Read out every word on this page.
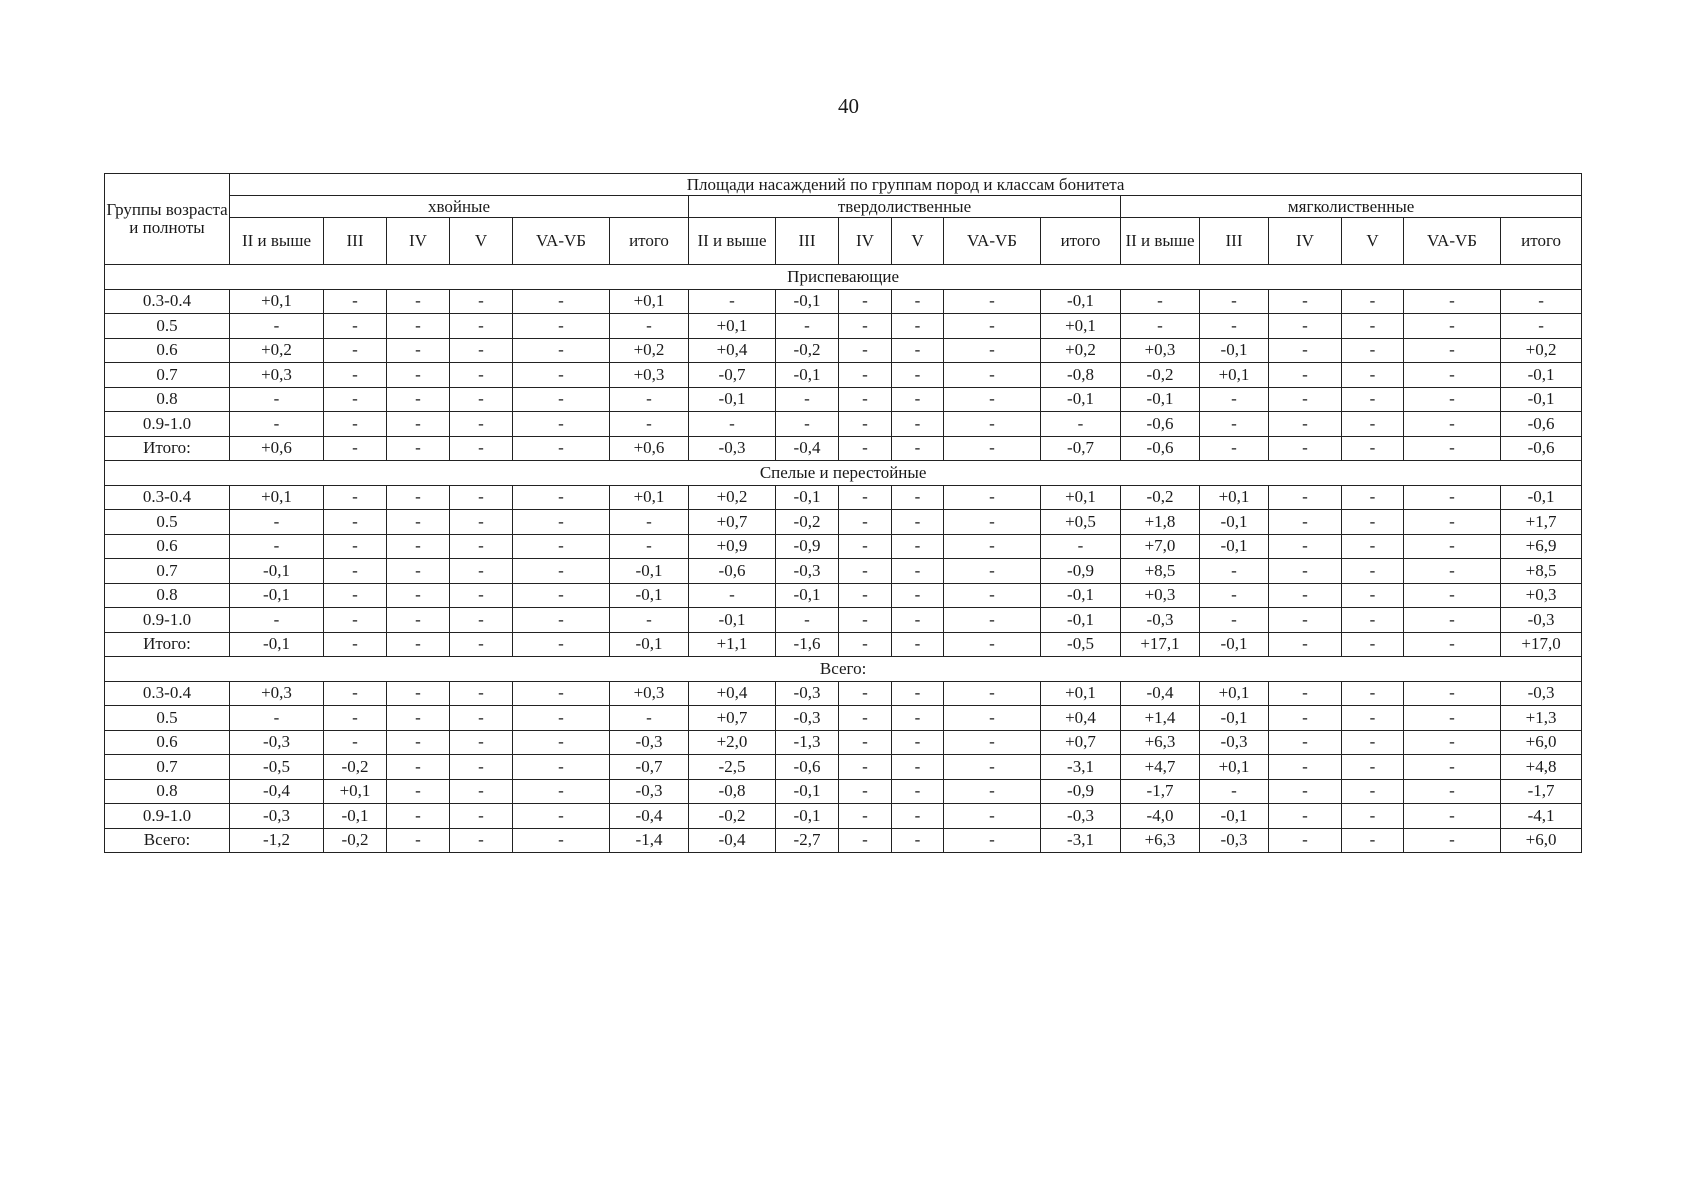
40
Группы возраста и полноты	Площади насаждений по группам пород и классам бонитета																	
	хвойные						твердолиственные						мягколиственные					
	II и выше	III	IV	V	VA-VБ	итого	II и выше	III	IV	V	VA-VБ	итого	II и выше	III	IV	V	VA-VБ	итого
Приспевающие																		
0.3-0.4	+0,1	-	-	-	-	+0,1	-	-0,1	-	-	-	-0,1	-	-	-	-	-	-
0.5	-	-	-	-	-	-	+0,1	-	-	-	-	+0,1	-	-	-	-	-	-
0.6	+0,2	-	-	-	-	+0,2	+0,4	-0,2	-	-	-	+0,2	+0,3	-0,1	-	-	-	+0,2
0.7	+0,3	-	-	-	-	+0,3	-0,7	-0,1	-	-	-	-0,8	-0,2	+0,1	-	-	-	-0,1
0.8	-	-	-	-	-	-	-0,1	-	-	-	-	-0,1	-0,1	-	-	-	-	-0,1
0.9-1.0	-	-	-	-	-	-	-	-	-	-	-	-	-0,6	-	-	-	-	-0,6
Итого:	+0,6	-	-	-	-	+0,6	-0,3	-0,4	-	-	-	-0,7	-0,6	-	-	-	-	-0,6
Спелые и перестойные																		
0.3-0.4	+0,1	-	-	-	-	+0,1	+0,2	-0,1	-	-	-	+0,1	-0,2	+0,1	-	-	-	-0,1
0.5	-	-	-	-	-	-	+0,7	-0,2	-	-	-	+0,5	+1,8	-0,1	-	-	-	+1,7
0.6	-	-	-	-	-	-	+0,9	-0,9	-	-	-	-	+7,0	-0,1	-	-	-	+6,9
0.7	-0,1	-	-	-	-	-0,1	-0,6	-0,3	-	-	-	-0,9	+8,5	-	-	-	-	+8,5
0.8	-0,1	-	-	-	-	-0,1	-	-0,1	-	-	-	-0,1	+0,3	-	-	-	-	+0,3
0.9-1.0	-	-	-	-	-	-	-0,1	-	-	-	-	-0,1	-0,3	-	-	-	-	-0,3
Итого:	-0,1	-	-	-	-	-0,1	+1,1	-1,6	-	-	-	-0,5	+17,1	-0,1	-	-	-	+17,0
Всего:																		
0.3-0.4	+0,3	-	-	-	-	+0,3	+0,4	-0,3	-	-	-	+0,1	-0,4	+0,1	-	-	-	-0,3
0.5	-	-	-	-	-	-	+0,7	-0,3	-	-	-	+0,4	+1,4	-0,1	-	-	-	+1,3
0.6	-0,3	-	-	-	-	-0,3	+2,0	-1,3	-	-	-	+0,7	+6,3	-0,3	-	-	-	+6,0
0.7	-0,5	-0,2	-	-	-	-0,7	-2,5	-0,6	-	-	-	-3,1	+4,7	+0,1	-	-	-	+4,8
0.8	-0,4	+0,1	-	-	-	-0,3	-0,8	-0,1	-	-	-	-0,9	-1,7	-	-	-	-	-1,7
0.9-1.0	-0,3	-0,1	-	-	-	-0,4	-0,2	-0,1	-	-	-	-0,3	-4,0	-0,1	-	-	-	-4,1
Всего:	-1,2	-0,2	-	-	-	-1,4	-0,4	-2,7	-	-	-	-3,1	+6,3	-0,3	-	-	-	+6,0
